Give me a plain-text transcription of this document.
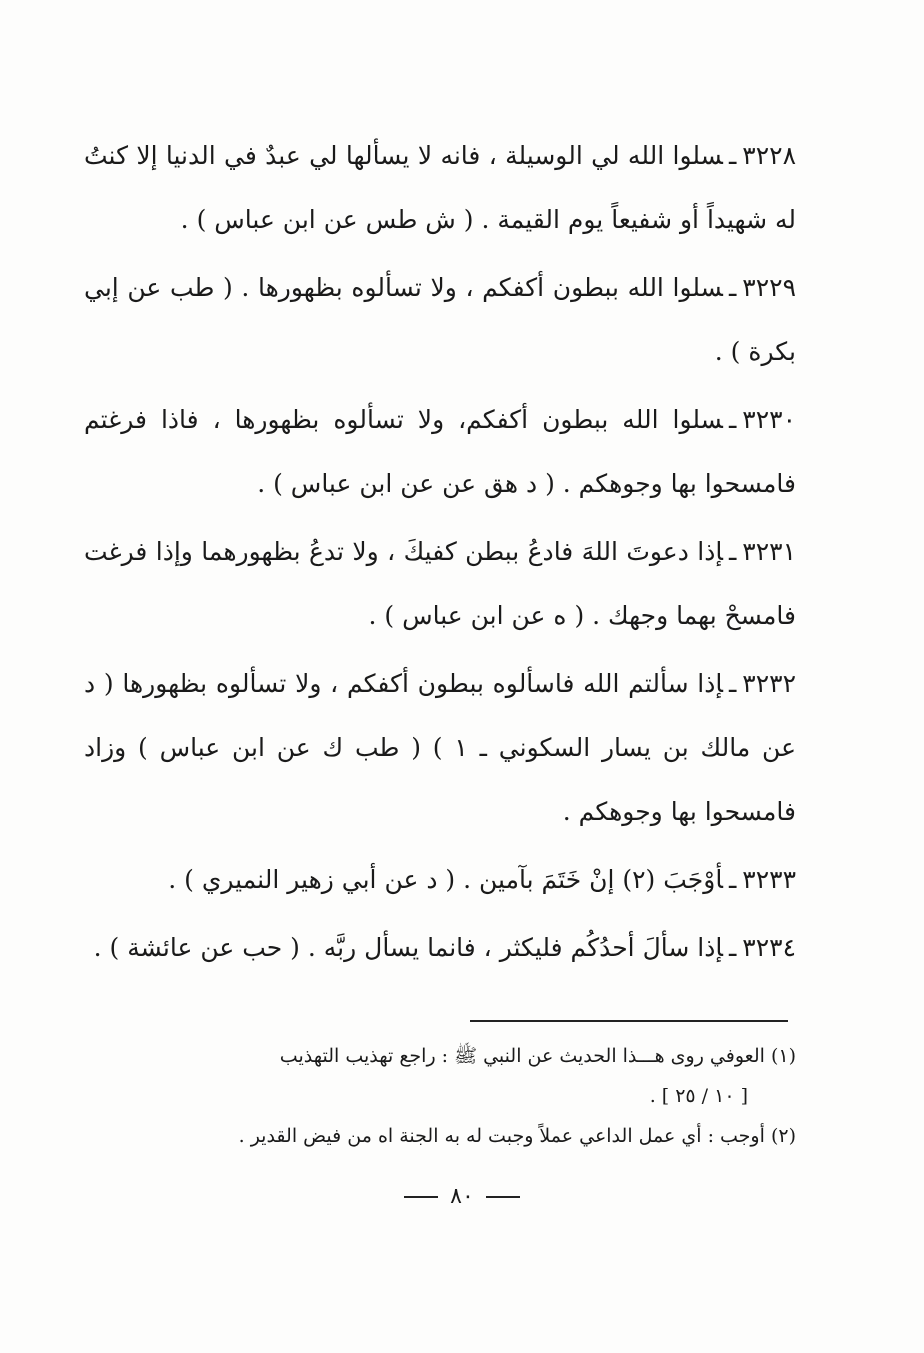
٣٢٢٨ـسلوا الله لي الوسيلة ، فانه لا يسألها لي عبدٌ في الدنيا إلا كنتُ له شهيداً أو شفيعاً يوم القيمة . ( ش طس عن ابن عباس ) .

٣٢٢٩ـسلوا الله ببطون أكفكم ، ولا تسألوه بظهورها . ( طب عن إبي بكرة ) .

٣٢٣٠ـسلوا الله ببطون أكفكم، ولا تسألوه بظهورها ، فاذا فرغتم فامسحوا بها وجوهكم . ( د هق عن عن ابن عباس ) .

٣٢٣١ـإذا دعوتَ اللهَ فادعُ ببطن كفيكَ ، ولا تدعُ بظهورهما وإذا فرغت فامسحْ بهما وجهك . ( ه عن ابن عباس ) .

٣٢٣٢ـإذا سألتم الله فاسألوه ببطون أكفكم ، ولا تسألوه بظهورها ( د عن مالك بن يسار السكوني ـ ١ ) ( طب ك عن ابن عباس ) وزاد فامسحوا بها وجوهكم .

٣٢٣٣ـأوْجَبَ (٢) إنْ خَتَمَ بآمين . ( د عن أبي زهير النميري ) .

٣٢٣٤ـإذا سألَ أحدُكُم فليكثر ، فانما يسأل ربَّه . ( حب عن عائشة ) .

(١) العوفي روى هـــذا الحديث عن النبي ﷺ : راجع تهذيب التهذيب

[ ١٠ / ٢٥ ] .

(٢) أوجب : أي عمل الداعي عملاً وجبت له به الجنة اه من فيض القدير .

٨٠
